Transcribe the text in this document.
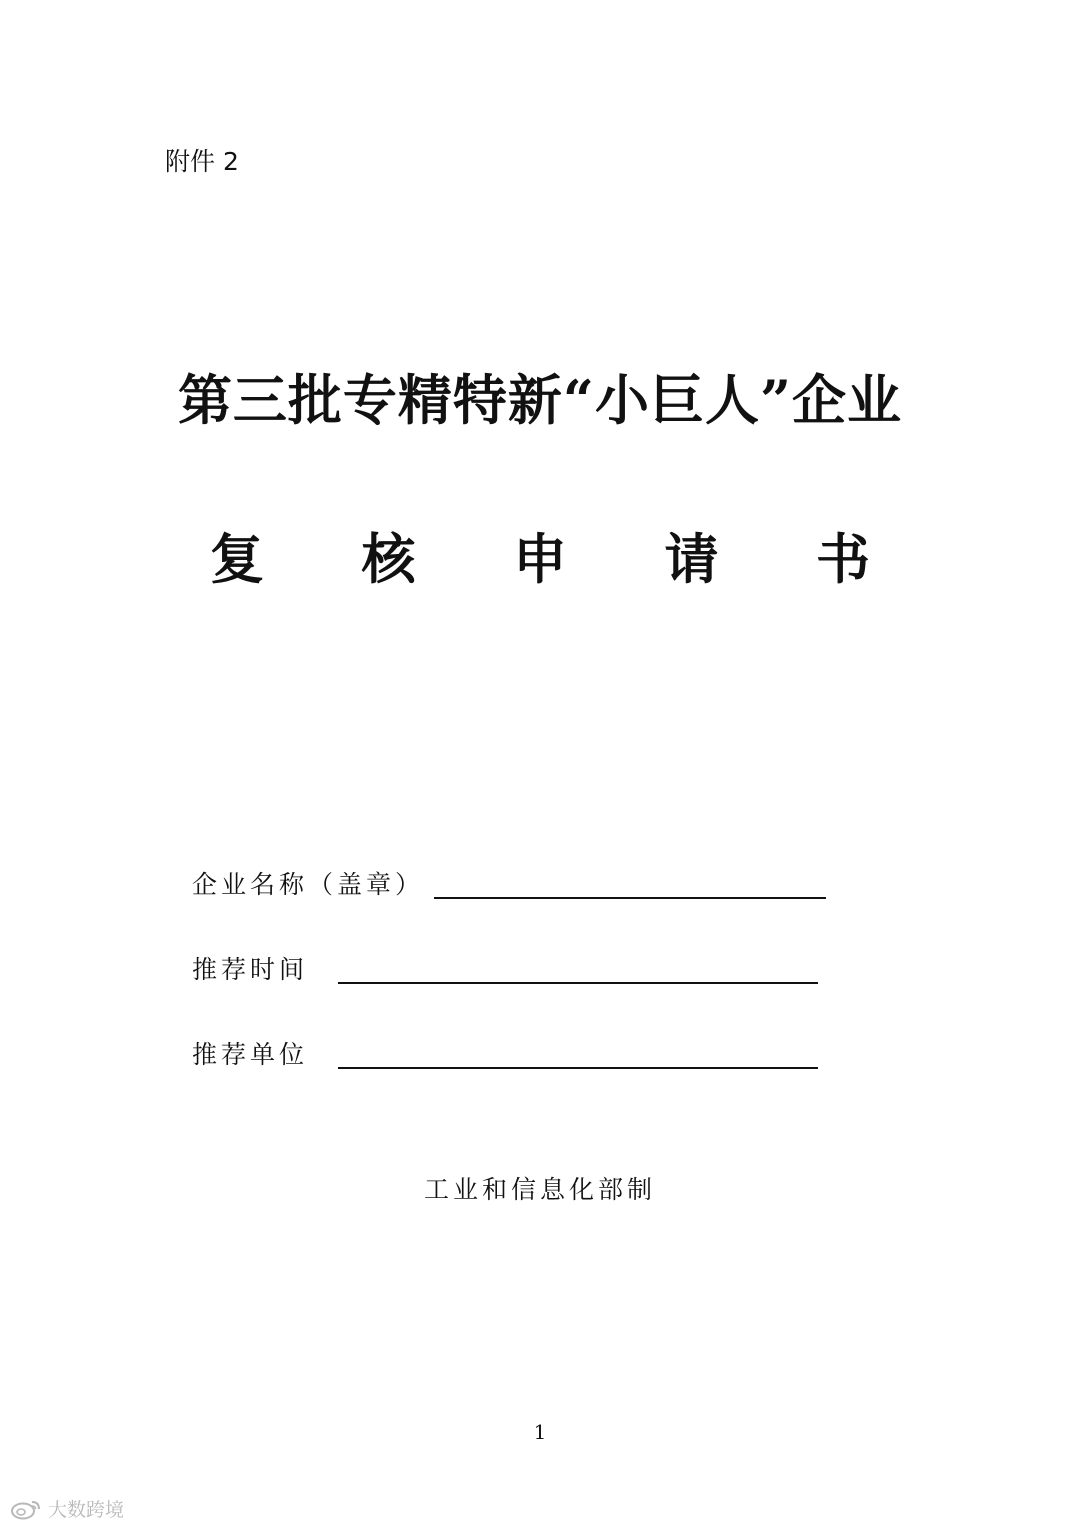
附件 2
第三批专精特新“小巨人”企业
复 核 申 请 书
企业名称（盖章）
推荐时间
推荐单位
工业和信息化部制
1
大数跨境
